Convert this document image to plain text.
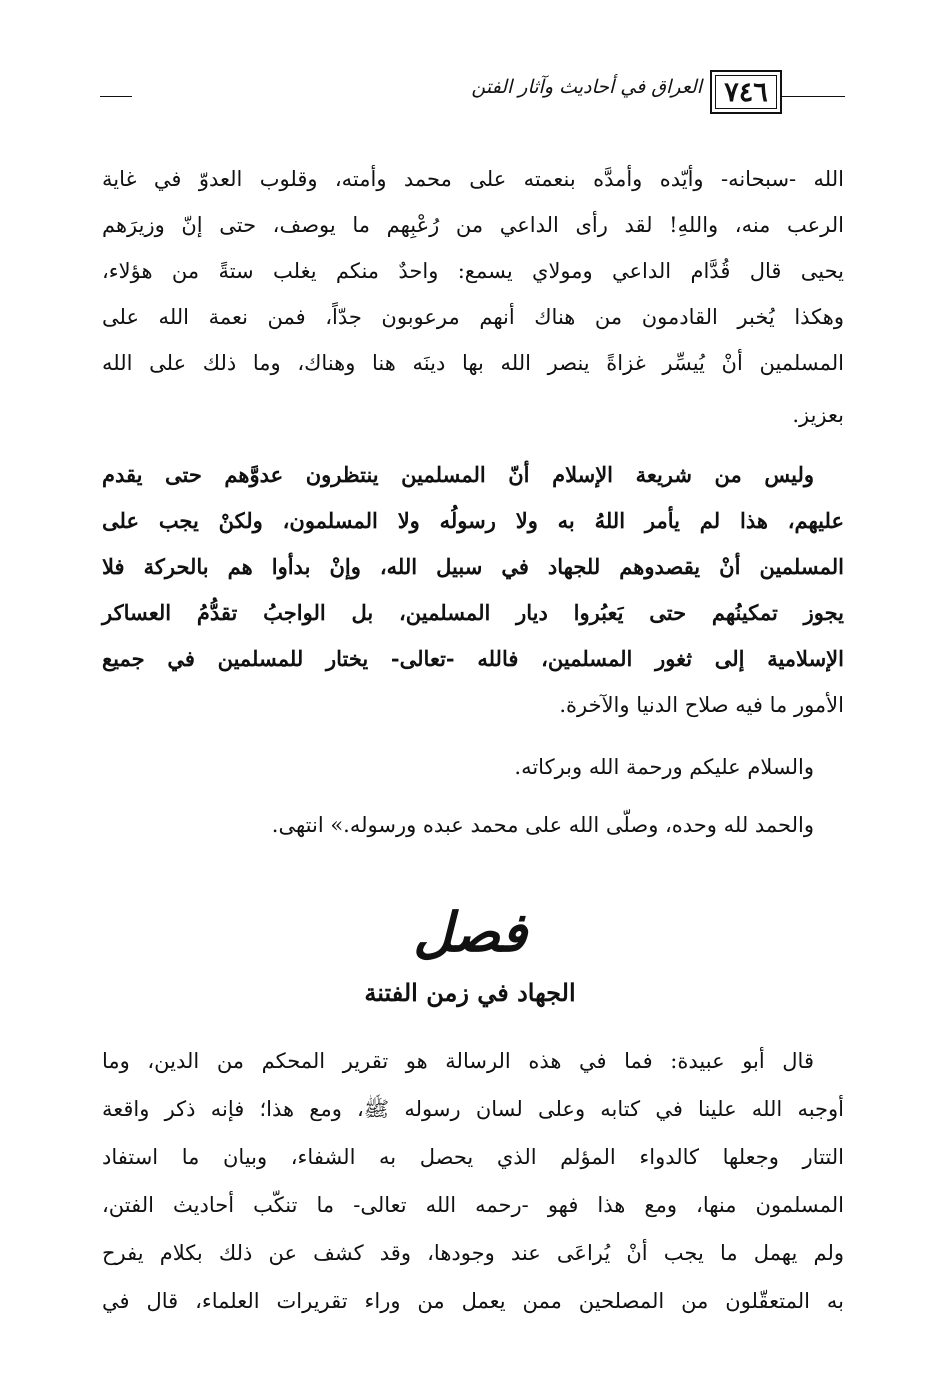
٧٤٦
العراق في أحاديث وآثار الفتن
الله -سبحانه- وأيّده وأمدَّه بنعمته على محمد وأمته، وقلوب العدوّ في غاية
الرعب منه، واللهِ! لقد رأى الداعي من رُعْبِهم ما يوصف، حتى إنّ وزيرَهم
يحيى قال قُدَّام الداعي ومولاي يسمع: واحدٌ منكم يغلب ستةً من هؤلاء،
وهكذا يُخبر القادمون من هناك أنهم مرعوبون جدّاً، فمن نعمة الله على
المسلمين أنْ يُيسِّر غزاةً ينصر الله بها دينَه هنا وهناك، وما ذلك على الله
بعزيز.
وليس من شريعة الإسلام أنّ المسلمين ينتظرون عدوَّهم حتى يقدم
عليهم، هذا لم يأمر اللهُ به ولا رسولُه ولا المسلمون، ولكنْ يجب على
المسلمين أنْ يقصدوهم للجهاد في سبيل الله، وإنْ بدأوا هم بالحركة فلا
يجوز تمكينُهم حتى يَعبُروا ديار المسلمين، بل الواجبُ تقدُّمُ العساكر
الإسلامية إلى ثغور المسلمين، فالله -تعالى- يختار للمسلمين في جميع
الأمور ما فيه صلاح الدنيا والآخرة.
والسلام عليكم ورحمة الله وبركاته.
والحمد لله وحده، وصلّى الله على محمد عبده ورسوله.» انتهى.
فصل
الجهاد في زمن الفتنة
قال أبو عبيدة: فما في هذه الرسالة هو تقرير المحكم من الدين، وما
أوجبه الله علينا في كتابه وعلى لسان رسوله ﷺ، ومع هذا؛ فإنه ذكر واقعة
التتار وجعلها كالدواء المؤلم الذي يحصل به الشفاء، وبيان ما استفاد
المسلمون منها، ومع هذا فهو -رحمه الله تعالى- ما تنكّب أحاديث الفتن،
ولم يهمل ما يجب أنْ يُراعَى عند وجودها، وقد كشف عن ذلك بكلام يفرح
به المتعقّلون من المصلحين ممن يعمل من وراء تقريرات العلماء، قال في
